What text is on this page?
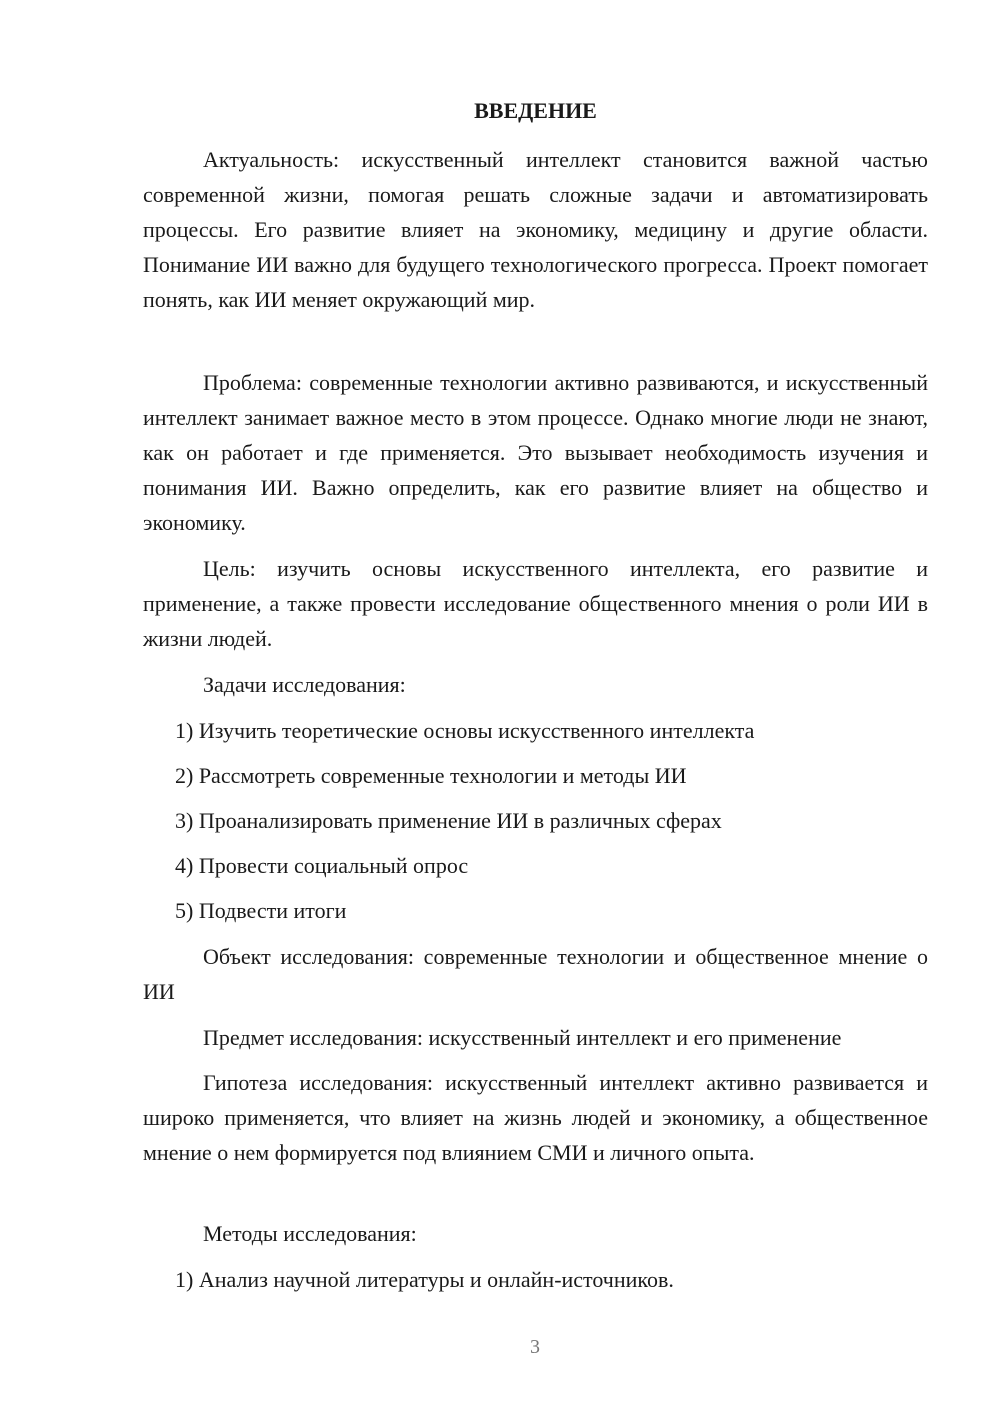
ВВЕДЕНИЕ

Актуальность: искусственный интеллект становится важной частью современной жизни, помогая решать сложные задачи и автоматизировать процессы. Его развитие влияет на экономику, медицину и другие области. Понимание ИИ важно для будущего технологического прогресса. Проект помогает понять, как ИИ меняет окружающий мир.

Проблема: современные технологии активно развиваются, и искусственный интеллект занимает важное место в этом процессе. Однако многие люди не знают, как он работает и где применяется. Это вызывает необходимость изучения и понимания ИИ. Важно определить, как его развитие влияет на общество и экономику.

Цель: изучить основы искусственного интеллекта, его развитие и применение, а также провести исследование общественного мнения о роли ИИ в жизни людей.

Задачи исследования:

1) Изучить теоретические основы искусственного интеллекта

2) Рассмотреть современные технологии и методы ИИ

3) Проанализировать применение ИИ в различных сферах

4) Провести социальный опрос

5) Подвести итоги

Объект исследования: современные технологии и общественное мнение о ИИ

Предмет исследования: искусственный интеллект и его применение

Гипотеза исследования: искусственный интеллект активно развивается и широко применяется, что влияет на жизнь людей и экономику, а общественное мнение о нем формируется под влиянием СМИ и личного опыта.

Методы исследования:

1) Анализ научной литературы и онлайн-источников.

3
